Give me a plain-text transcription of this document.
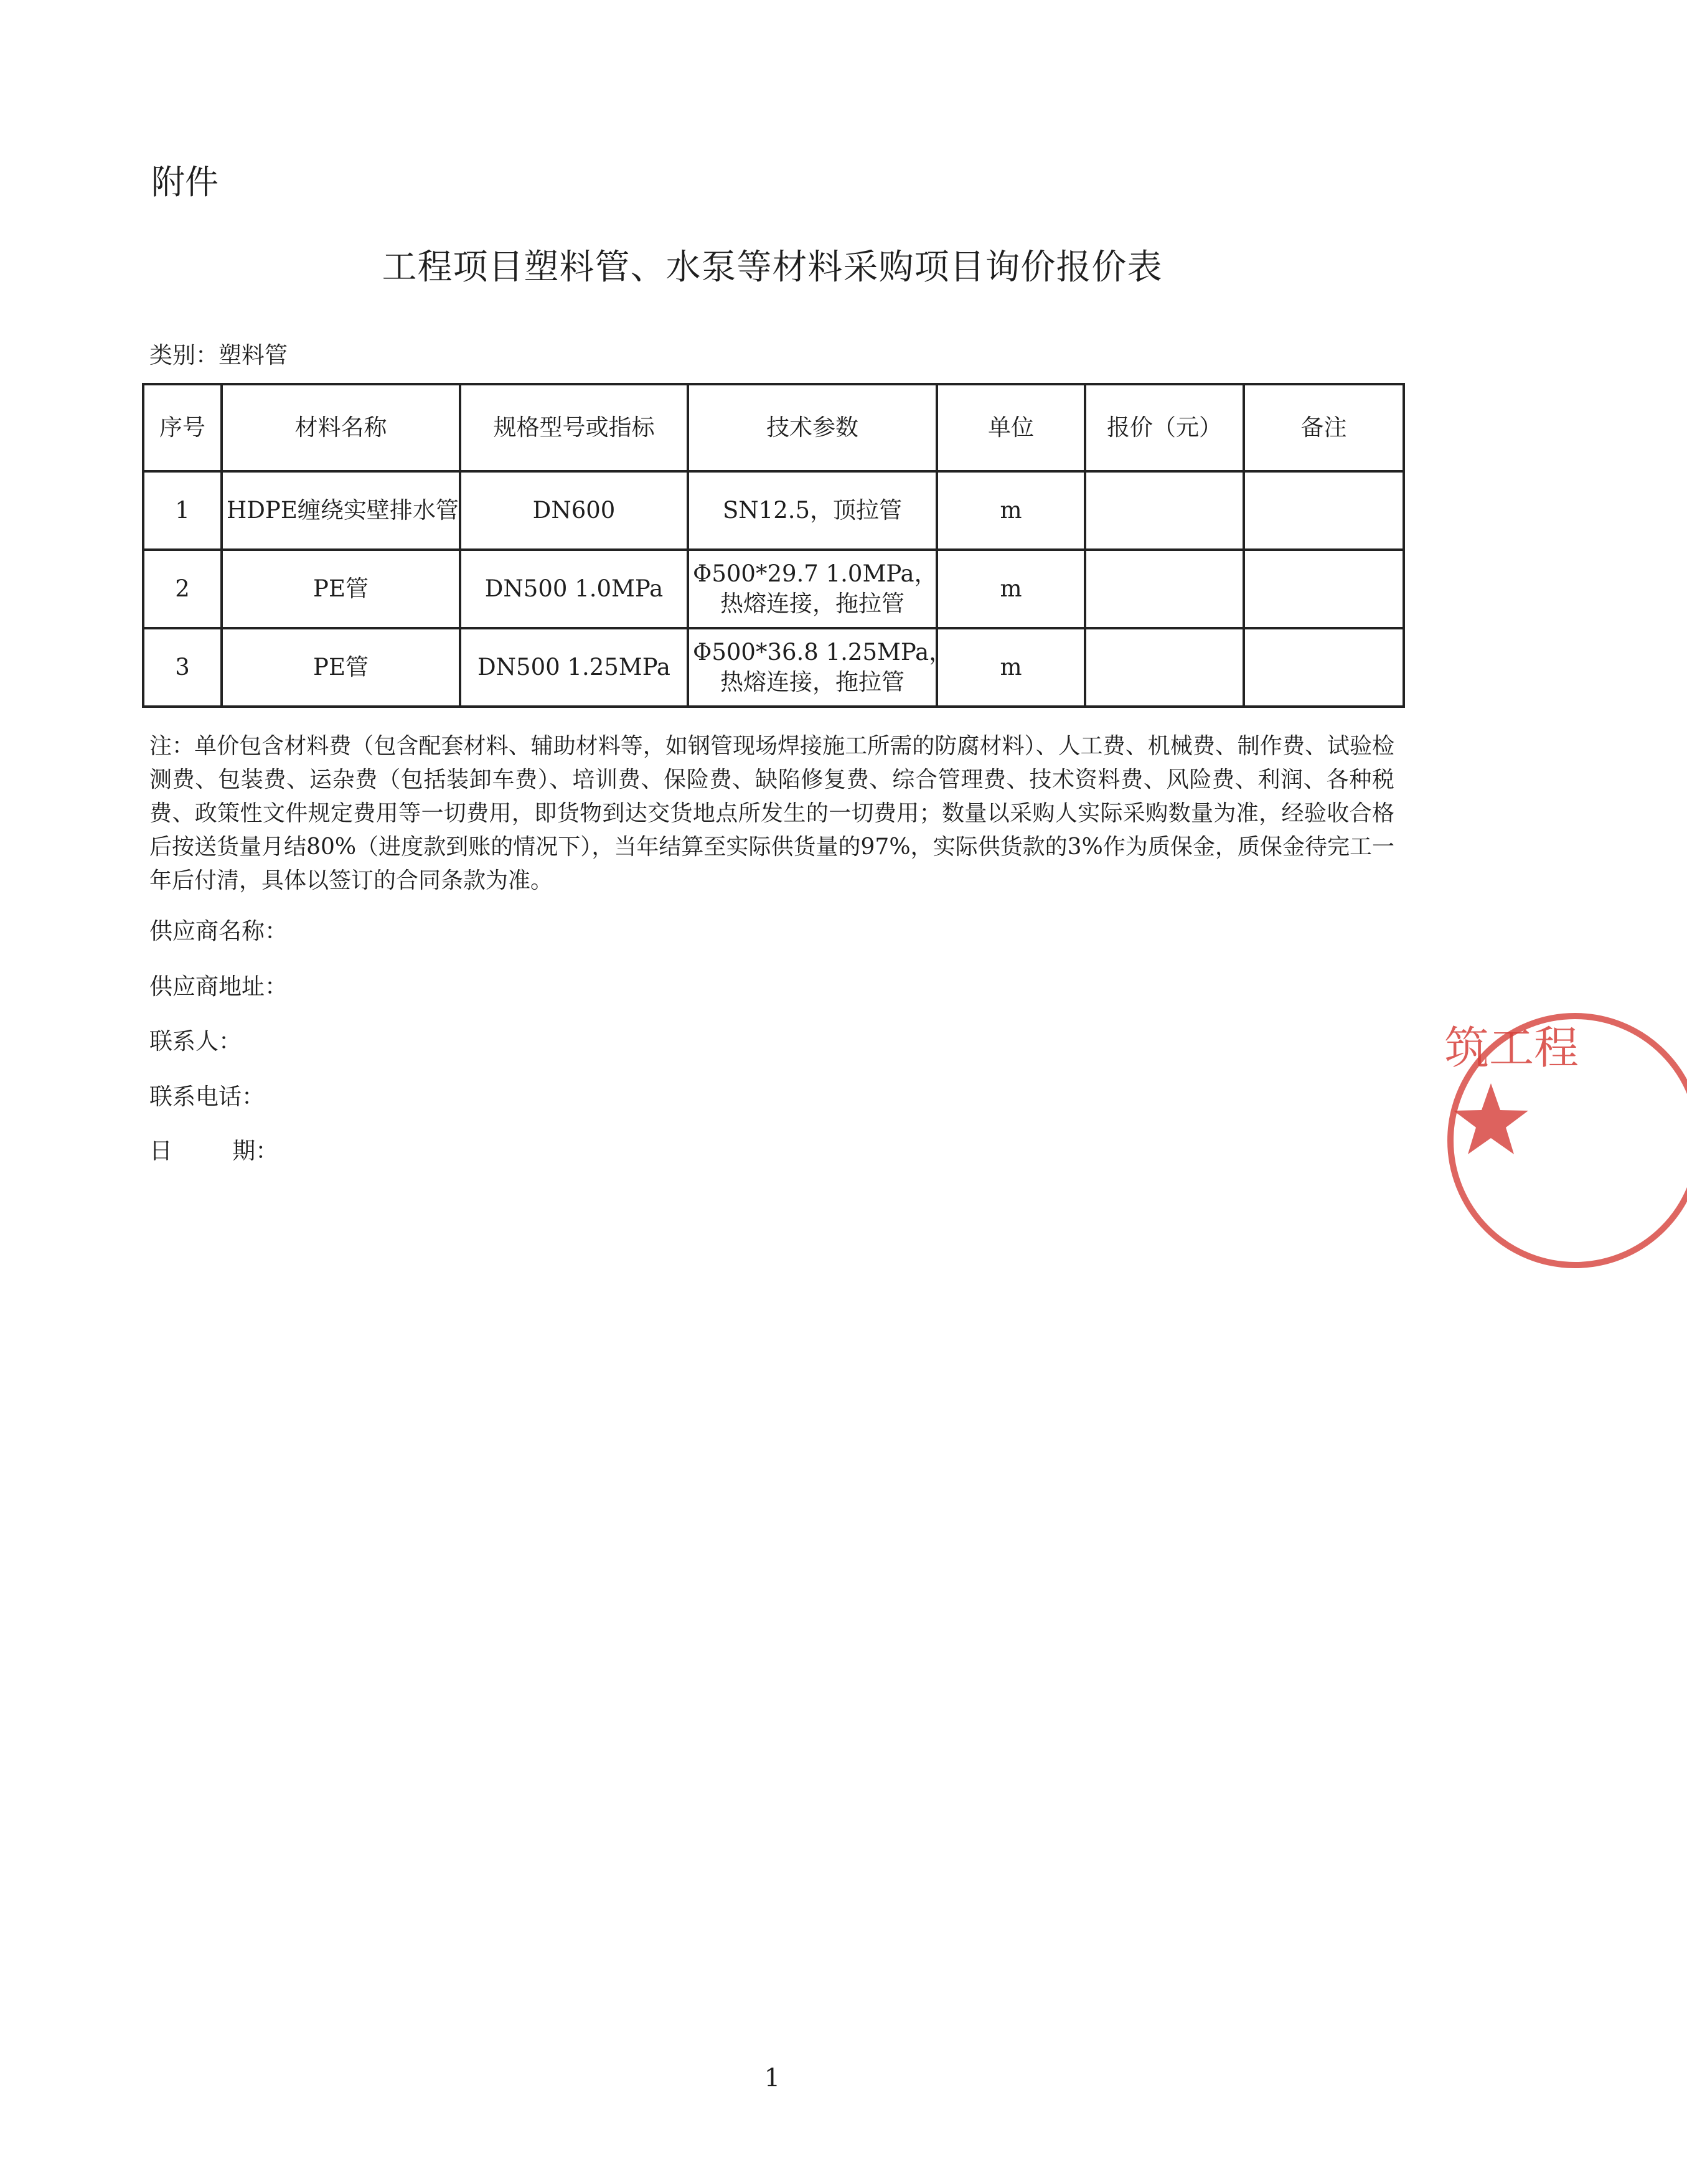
附件
工程项目塑料管、水泵等材料采购项目询价报价表
类别：塑料管
序号	材料名称	规格型号或指标	技术参数	单位	报价（元）	备注
1	HDPE缠绕实壁排水管	DN600	SN12.5，顶拉管	m		
2	PE管	DN500 1.0MPa	Φ500*29.7 1.0MPa，
热熔连接，拖拉管	m		
3	PE管	DN500 1.25MPa	Φ500*36.8 1.25MPa，
热熔连接，拖拉管	m		
注：单价包含材料费（包含配套材料、辅助材料等，如钢管现场焊接施工所需的防腐材料）、人工费、机械费、制作费、试验检测费、包装费、运杂费（包括装卸车费）、培训费、保险费、缺陷修复费、综合管理费、技术资料费、风险费、利润、各种税费、政策性文件规定费用等一切费用，即货物到达交货地点所发生的一切费用；数量以采购人实际采购数量为准，经验收合格后按送货量月结80%（进度款到账的情况下），当年结算至实际供货量的97%，实际供货款的3%作为质保金，质保金待完工一年后付清，具体以签订的合同条款为准。
供应商名称：
供应商地址：
联系人：
联系电话：
日期：
筑工程
1
